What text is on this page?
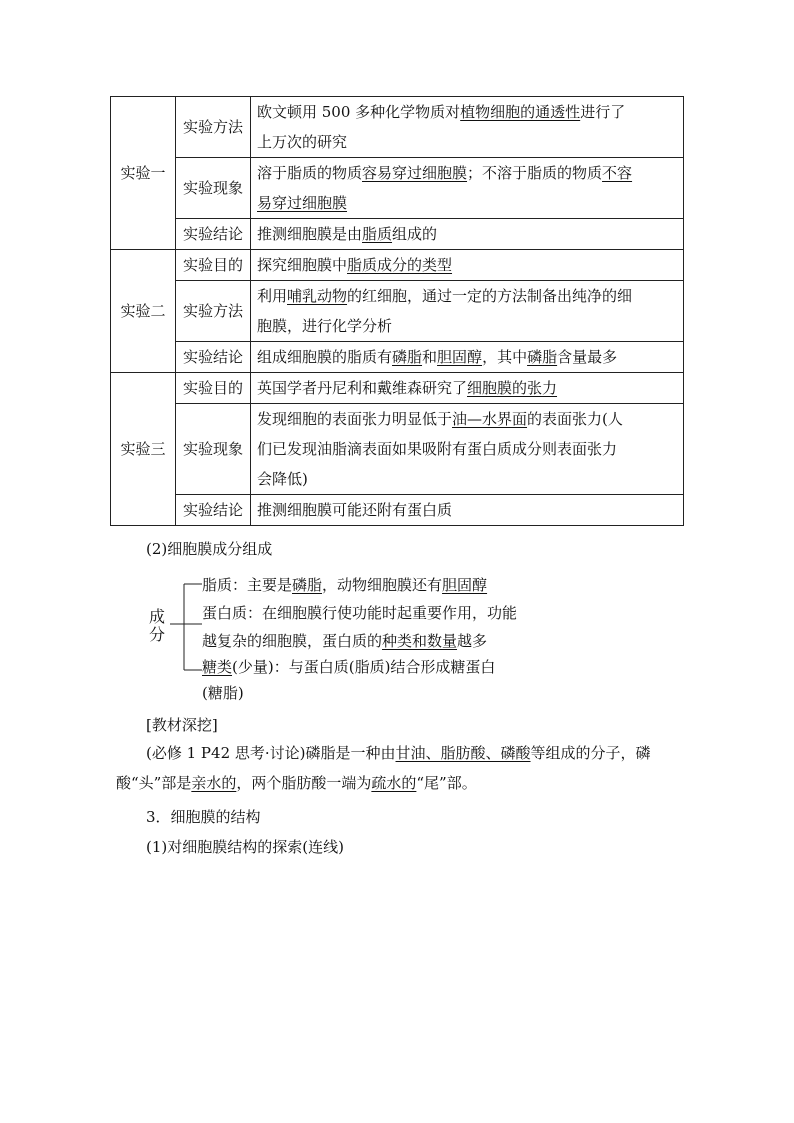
实验一	实验方法	欧文顿用 500 多种化学物质对植物细胞的通透性进行了
上万次的研究
	实验现象	溶于脂质的物质容易穿过细胞膜；不溶于脂质的物质不容
易穿过细胞膜
	实验结论	推测细胞膜是由脂质组成的
实验二	实验目的	探究细胞膜中脂质成分的类型
	实验方法	利用哺乳动物的红细胞，通过一定的方法制备出纯净的细
胞膜，进行化学分析
	实验结论	组成细胞膜的脂质有磷脂和胆固醇，其中磷脂含量最多
实验三	实验目的	英国学者丹尼利和戴维森研究了细胞膜的张力
	实验现象	发现细胞的表面张力明显低于油—水界面的表面张力(人
们已发现油脂滴表面如果吸附有蛋白质成分则表面张力
会降低)
	实验结论	推测细胞膜可能还附有蛋白质
(2)细胞膜成分组成
成分
脂质：主要是磷脂，动物细胞膜还有胆固醇
蛋白质：在细胞膜行使功能时起重要作用，功能
越复杂的细胞膜，蛋白质的种类和数量越多
糖类(少量)：与蛋白质(脂质)结合形成糖蛋白
(糖脂)
[教材深挖]
(必修 1 P42 思考·讨论)磷脂是一种由甘油、脂肪酸、磷酸等组成的分子，磷
酸“头”部是亲水的，两个脂肪酸一端为疏水的“尾”部。
3．细胞膜的结构
(1)对细胞膜结构的探索(连线)
